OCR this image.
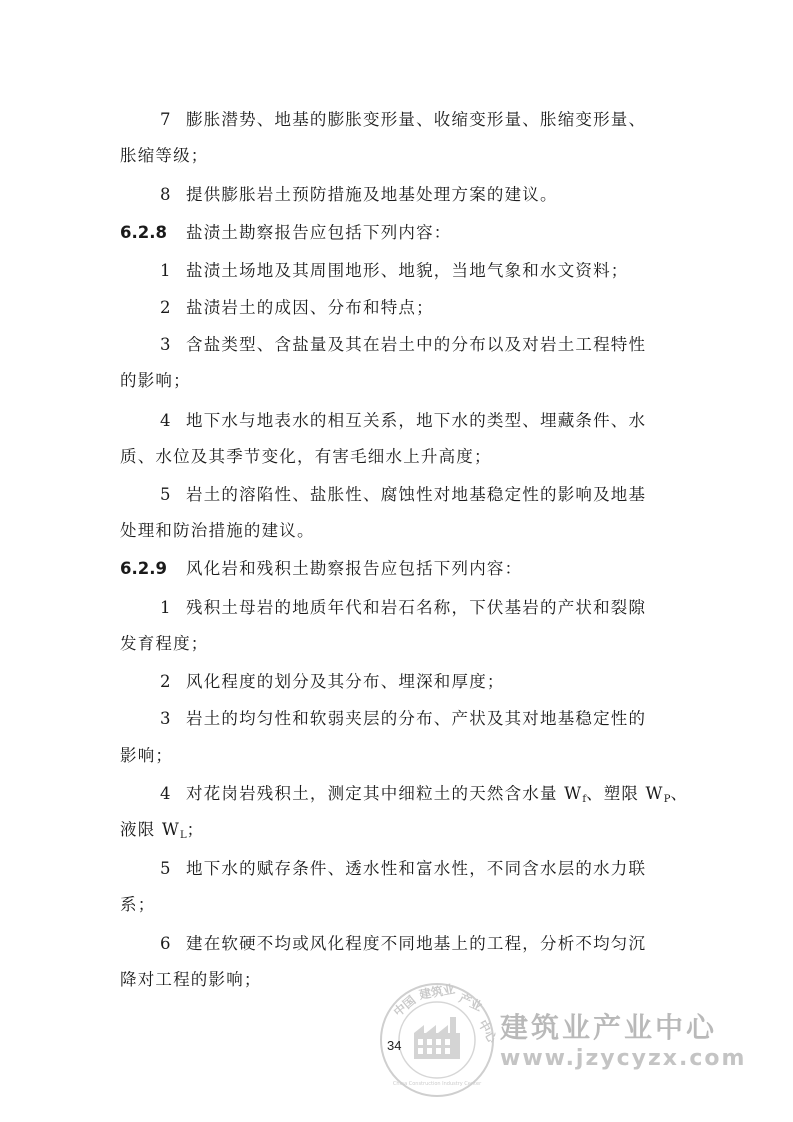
7 膨胀潜势、地基的膨胀变形量、收缩变形量、胀缩变形量、
胀缩等级；
8 提供膨胀岩土预防措施及地基处理方案的建议。
6.2.8 盐渍土勘察报告应包括下列内容：
1 盐渍土场地及其周围地形、地貌，当地气象和水文资料；
2 盐渍岩土的成因、分布和特点；
3 含盐类型、含盐量及其在岩土中的分布以及对岩土工程特性
的影响；
4 地下水与地表水的相互关系，地下水的类型、埋藏条件、水
质、水位及其季节变化，有害毛细水上升高度；
5 岩土的溶陷性、盐胀性、腐蚀性对地基稳定性的影响及地基
处理和防治措施的建议。
6.2.9 风化岩和残积土勘察报告应包括下列内容：
1 残积土母岩的地质年代和岩石名称，下伏基岩的产状和裂隙
发育程度；
2 风化程度的划分及其分布、埋深和厚度；
3 岩土的均匀性和软弱夹层的分布、产状及其对地基稳定性的
影响；
4 对花岗岩残积土，测定其中细粒土的天然含水量 $W_f$、塑限 $W_P$、
液限 $W_L$；
5 地下水的赋存条件、透水性和富水性，不同含水层的水力联
系；
6 建在软硬不均或风化程度不同地基上的工程，分析不均匀沉
降对工程的影响；
中国
建筑业 产业
中心
China Construction Industry Center
建筑业产业中心
www.jzycyzx.com
34
